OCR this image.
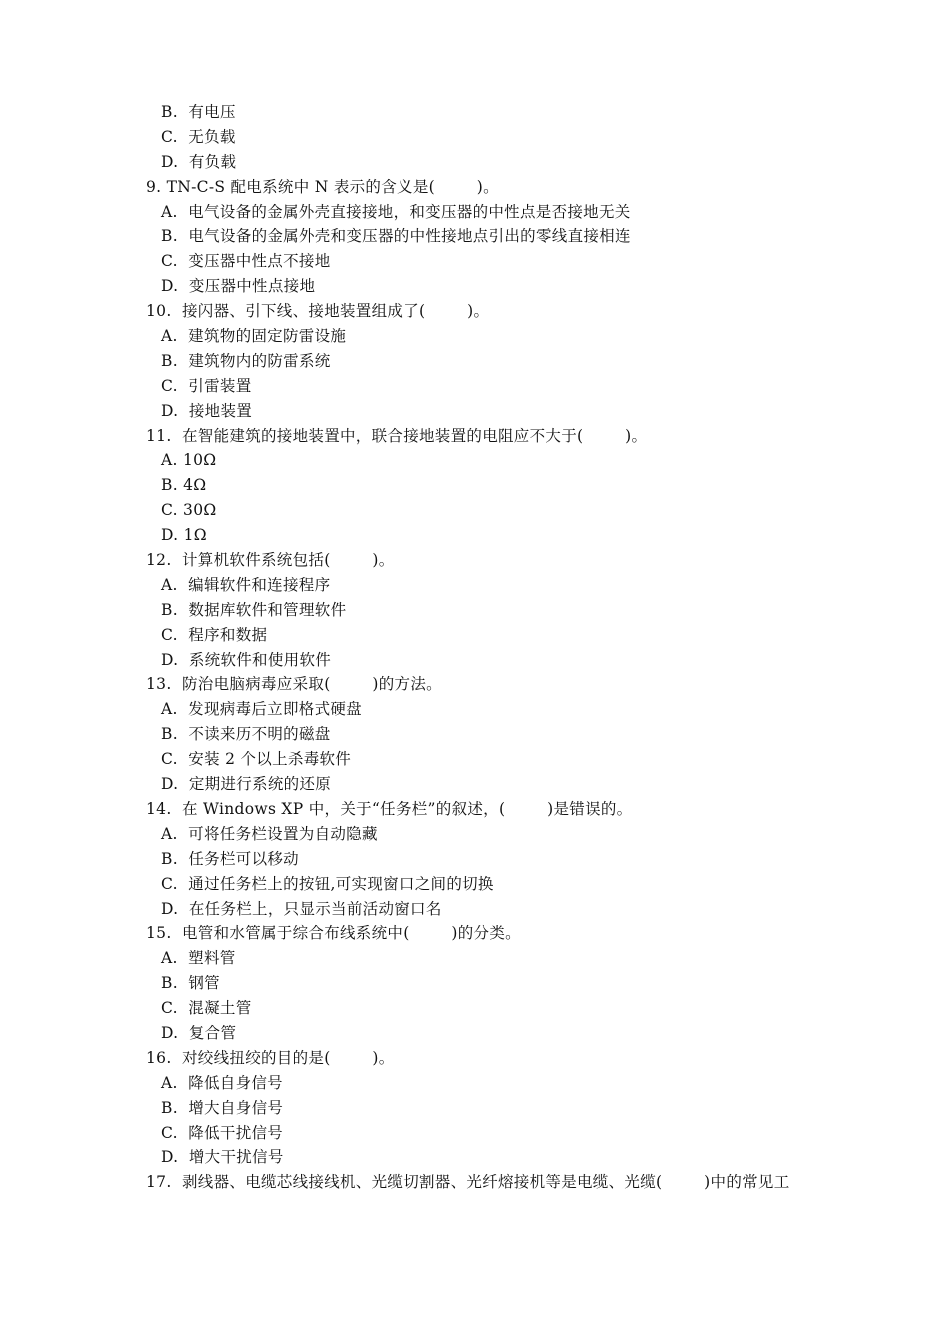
B.  有电压
C.  无负载
D.  有负载
9. TN-C-S 配电系统中 N 表示的含义是(        )。
A.  电气设备的金属外壳直接接地，和变压器的中性点是否接地无关
B.  电气设备的金属外壳和变压器的中性接地点引出的零线直接相连
C.  变压器中性点不接地
D.  变压器中性点接地
10.  接闪器、引下线、接地装置组成了(        )。
A.  建筑物的固定防雷设施
B.  建筑物内的防雷系统
C.  引雷装置
D.  接地装置
11.  在智能建筑的接地装置中，联合接地装置的电阻应不大于(        )。
A. 10Ω
B. 4Ω
C. 30Ω
D. 1Ω
12.  计算机软件系统包括(        )。
A.  编辑软件和连接程序
B.  数据库软件和管理软件
C.  程序和数据
D.  系统软件和使用软件
13.  防治电脑病毒应采取(        )的方法。
A.  发现病毒后立即格式硬盘
B.  不读来历不明的磁盘
C.  安装 2 个以上杀毒软件
D.  定期进行系统的还原
14.  在 Windows XP 中，关于“任务栏”的叙述，(        )是错误的。
A.  可将任务栏设置为自动隐藏
B.  任务栏可以移动
C.  通过任务栏上的按钮,可实现窗口之间的切换
D.  在任务栏上，只显示当前活动窗口名
15.  电管和水管属于综合布线系统中(        )的分类。
A.  塑料管
B.  钢管
C.  混凝土管
D.  复合管
16.  对绞线扭绞的目的是(        )。
A.  降低自身信号
B.  增大自身信号
C.  降低干扰信号
D.  增大干扰信号
17.  剥线器、电缆芯线接线机、光缆切割器、光纤熔接机等是电缆、光缆(        )中的常见工
